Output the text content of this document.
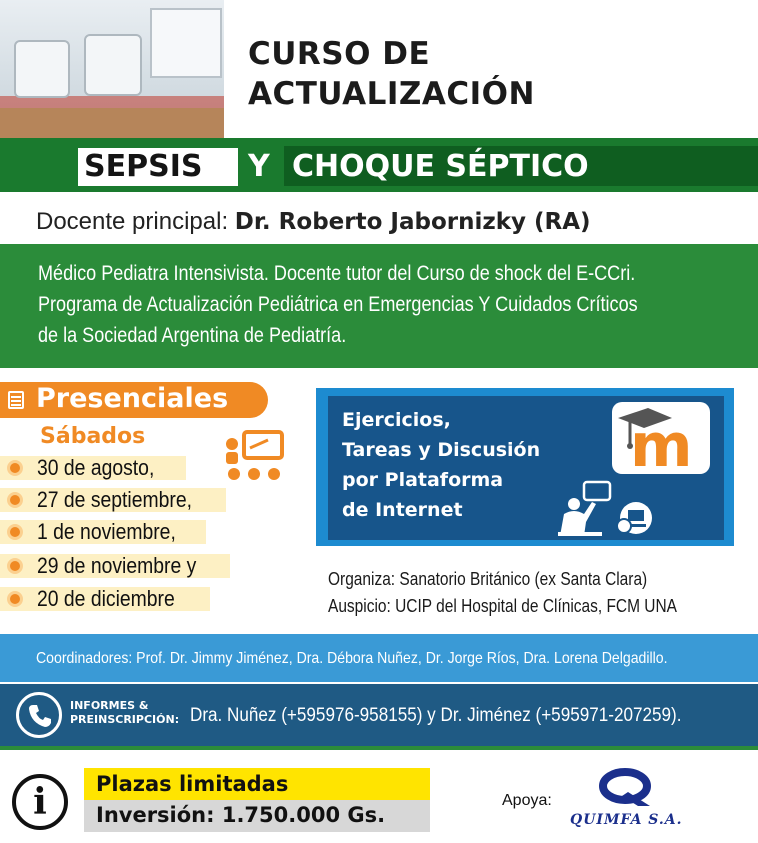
CURSO DE
ACTUALIZACIÓN
SEPSIS Y CHOQUE SÉPTICO
Docente principal: Dr. Roberto Jabornizky (RA)
Médico Pediatra Intensivista. Docente tutor del Curso de shock del E-CCri.
Programa de Actualización Pediátrica en Emergencias Y Cuidados Críticos
de la Sociedad Argentina de Pediatría.
Presenciales
Sábados
30 de agosto,
27 de septiembre,
1 de noviembre,
29 de noviembre y
20 de diciembre
Ejercicios,
Tareas y Discusión
por Plataforma
de Internet
m
Organiza: Sanatorio Británico (ex Santa Clara)
Auspicio: UCIP del Hospital de Clínicas, FCM UNA
Coordinadores: Prof. Dr. Jimmy Jiménez, Dra. Débora Nuñez, Dr. Jorge Ríos, Dra. Lorena Delgadillo.
INFORMES &
PREINSCRIPCIÓN: Dra. Nuñez (+595976-958155) y Dr. Jiménez (+595971-207259).
i	Plazas limitadas
Inversión: 1.750.000 Gs.
Apoya:
QUIMFA S.A.
